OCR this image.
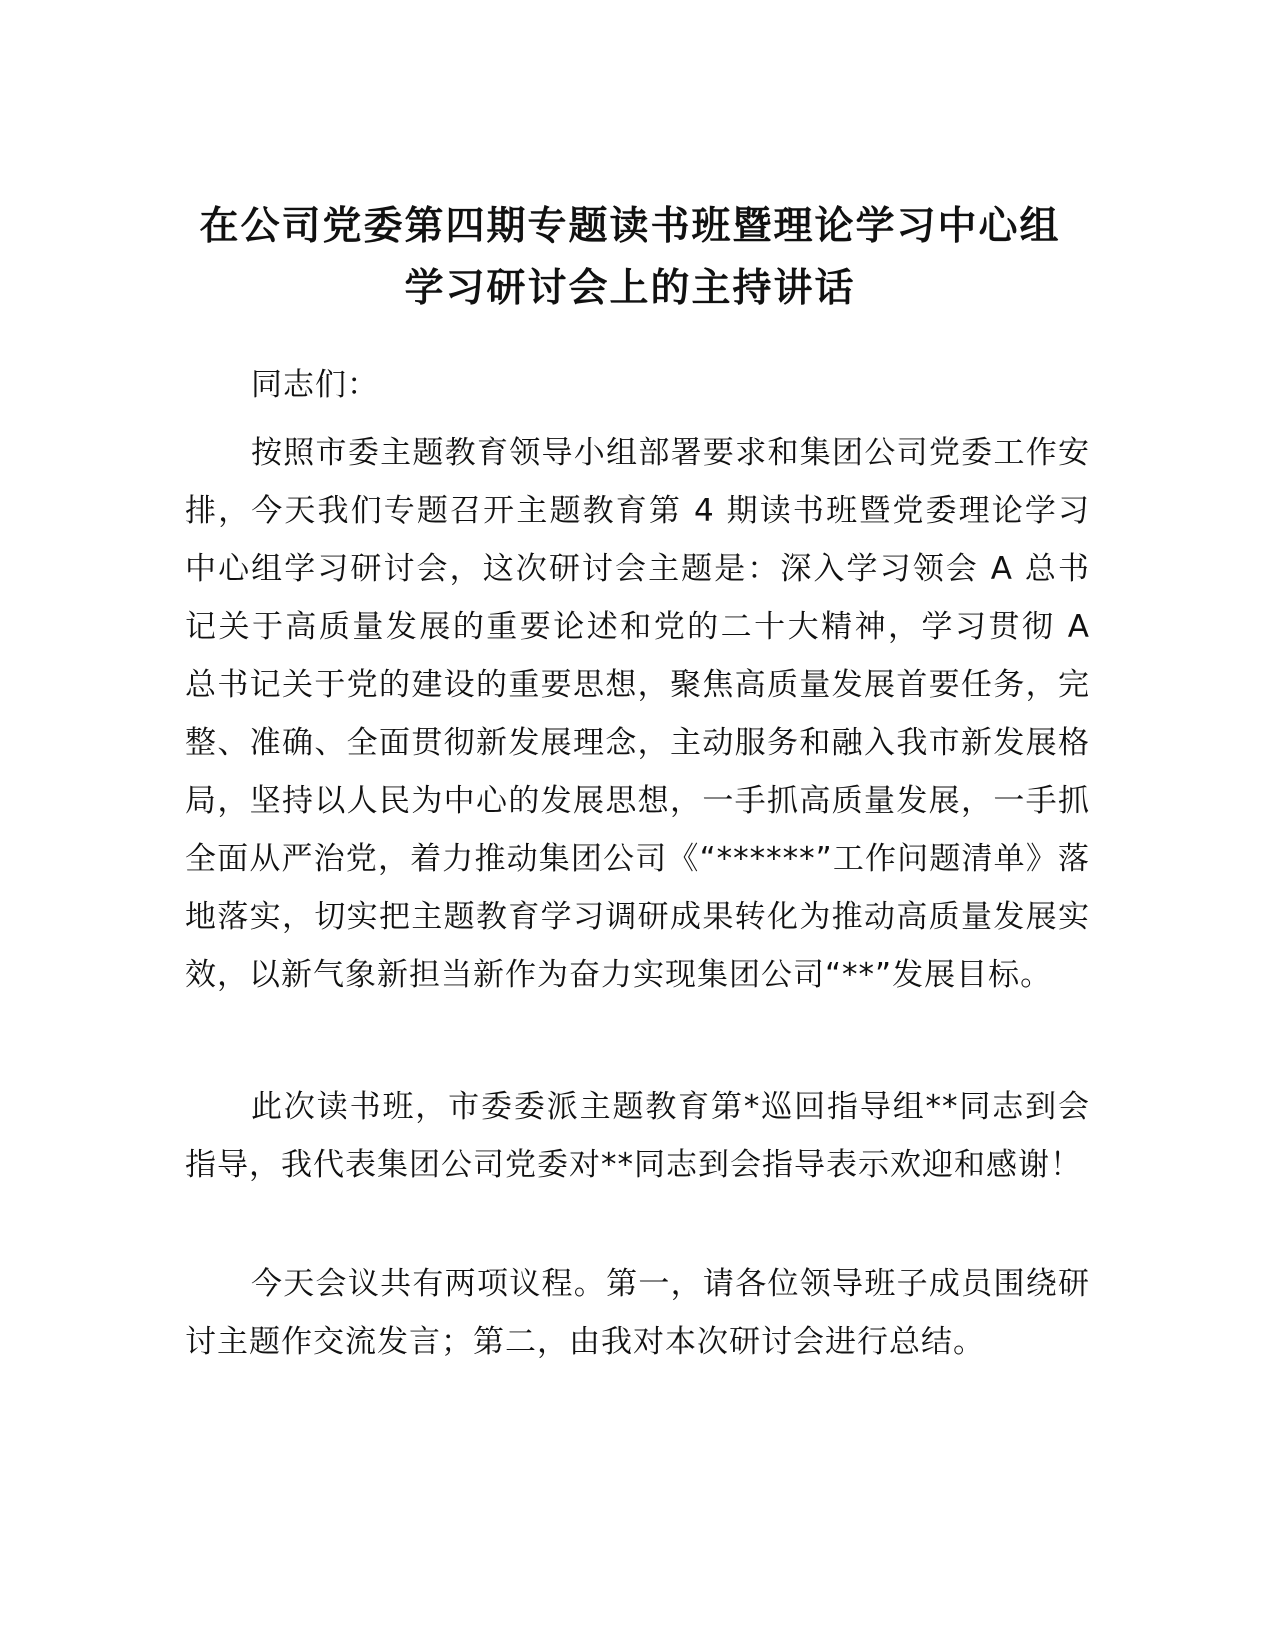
在公司党委第四期专题读书班暨理论学习中心组学习研讨会上的主持讲话

同志们：

按照市委主题教育领导小组部署要求和集团公司党委工作安排，今天我们专题召开主题教育第 4 期读书班暨党委理论学习中心组学习研讨会，这次研讨会主题是：深入学习领会 A 总书记关于高质量发展的重要论述和党的二十大精神，学习贯彻 A 总书记关于党的建设的重要思想，聚焦高质量发展首要任务，完整、准确、全面贯彻新发展理念，主动服务和融入我市新发展格局，坚持以人民为中心的发展思想，一手抓高质量发展，一手抓全面从严治党，着力推动集团公司《“******”工作问题清单》落地落实，切实把主题教育学习调研成果转化为推动高质量发展实效，以新气象新担当新作为奋力实现集团公司“**”发展目标。

此次读书班，市委委派主题教育第*巡回指导组**同志到会指导，我代表集团公司党委对**同志到会指导表示欢迎和感谢！

今天会议共有两项议程。第一，请各位领导班子成员围绕研讨主题作交流发言；第二，由我对本次研讨会进行总结。
